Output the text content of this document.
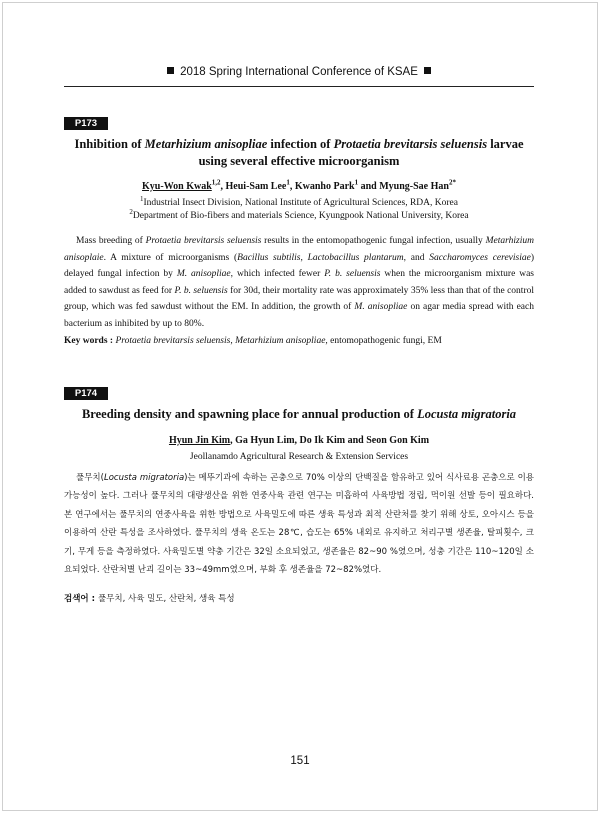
2018 Spring International Conference of KSAE
P173
Inhibition of Metarhizium anisopliae infection of Protaetia brevitarsis seluensis larvae using several effective microorganism
Kyu-Won Kwak$^{1,2}$, Heui-Sam Lee$^1$, Kwanho Park$^1$ and Myung-Sae Han$^{2*}$
$^1$Industrial Insect Division, National Institute of Agricultural Sciences, RDA, Korea
$^2$Department of Bio-fibers and materials Science, Kyungpook National University, Korea

Mass breeding of Protaetia brevitarsis seluensis results in the entomopathogenic fungal infection, usually Metarhizium anisoplaie. A mixture of microorganisms (Bacillus subtilis, Lactobacillus plantarum, and Saccharomyces cerevisiae) delayed fungal infection by M. anisopliae, which infected fewer P. b. seluensis when the microorganism mixture was added to sawdust as feed for P. b. seluensis for 30d, their mortality rate was approximately 35% less than that of the control group, which was fed sawdust without the EM. In addition, the growth of M. anisopliae on agar media spread with each bacterium as inhibited by up to 80%.

Key words : Protaetia brevitarsis seluensis, Metarhizium anisopliae, entomopathogenic fungi, EM
P174
Breeding density and spawning place for annual production of Locusta migratoria
Hyun Jin Kim, Ga Hyun Lim, Do Ik Kim and Seon Gon Kim
Jeollanamdo Agricultural Research & Extension Services

풀무치(Locusta migratoria)는 메뚜기과에 속하는 곤충으로 70% 이상의 단백질을 함유하고 있어 식사료용 곤충으로 이용 가능성이 높다. 그러나 풀무치의 대량생산을 위한 연중사육 관련 연구는 미흡하여 사육방법 정립, 먹이원 선발 등이 필요하다. 본 연구에서는 풀무치의 연중사육을 위한 방법으로 사육밀도에 따른 생육 특성과 최적 산란처를 찾기 위해 상토, 오아시스 등을 이용하여 산란 특성을 조사하였다. 풀무치의 생육 온도는 28℃, 습도는 65% 내외로 유지하고 처리구별 생존율, 탈피횟수, 크기, 무게 등을 측정하였다. 사육밀도별 약충 기간은 32일 소요되었고, 생존율은 82~90 %였으며, 성충 기간은 110~120일 소요되었다. 산란처별 난괴 길이는 33~49mm였으며, 부화 후 생존율을 72~82%였다.

검색어 : 풀무치, 사육 밀도, 산란처, 생육 특성
151
